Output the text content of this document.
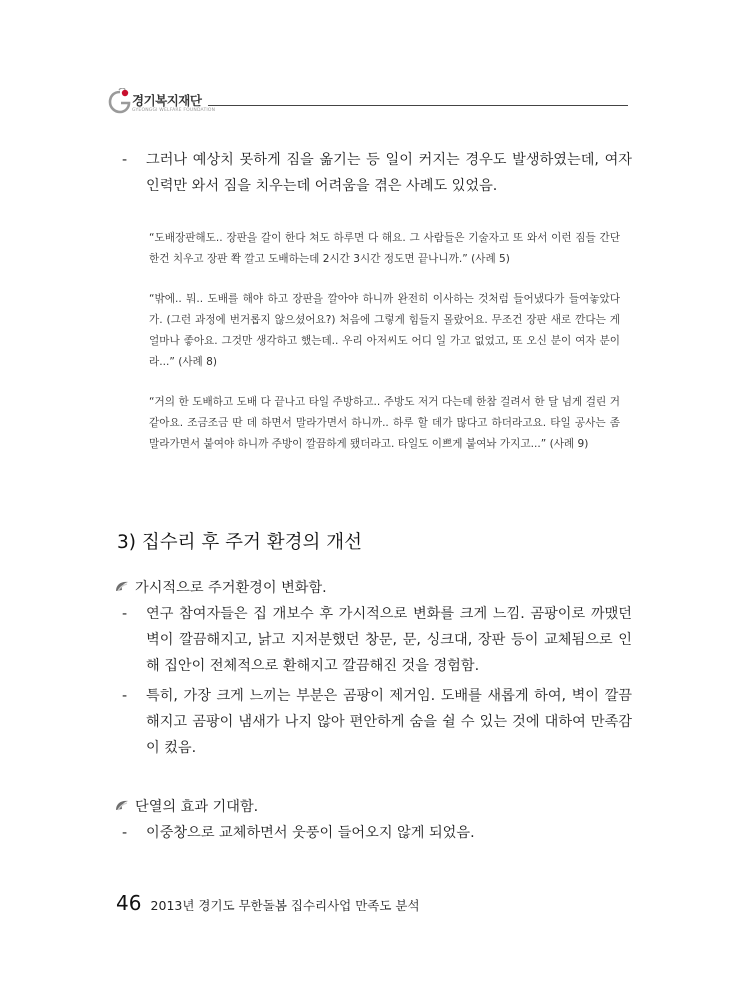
경기복지재단
GYEONGGI WELFARE FOUNDATION
- 그러나 예상치 못하게 짐을 옮기는 등 일이 커지는 경우도 발생하였는데, 여자 인력만 와서 짐을 치우는데 어려움을 겪은 사례도 있었음.

“도배장판해도.. 장판을 갈이 한다 쳐도 하루면 다 해요. 그 사람들은 기술자고 또 와서 이런 짐들 간단한건 치우고 장판 쫙 깔고 도배하는데 2시간 3시간 정도면 끝나니까.” (사례 5)

“밖에.. 뭐.. 도배를 해야 하고 장판을 깔아야 하니까 완전히 이사하는 것처럼 들어냈다가 들여놓았다가. (그런 과정에 번거롭지 않으셨어요?) 처음에 그렇게 힘들지 몰랐어요. 무조건 장판 새로 깐다는 게 얼마나 좋아요. 그것만 생각하고 했는데.. 우리 아저씨도 어디 일 가고 없었고, 또 오신 분이 여자 분이라...” (사례 8)

“거의 한 도배하고 도배 다 끝나고 타일 주방하고.. 주방도 저거 다는데 한참 걸려서 한 달 넘게 걸린 거 같아요. 조금조금 딴 데 하면서 말라가면서 하니까.. 하루 할 데가 많다고 하더라고요. 타일 공사는 좀 말라가면서 붙여야 하니까 주방이 깔끔하게 됐더라고. 타일도 이쁘게 붙여놔 가지고...” (사례 9)

3) 집수리 후 주거 환경의 개선
가시적으로 주거환경이 변화함.
- 연구 참여자들은 집 개보수 후 가시적으로 변화를 크게 느낌. 곰팡이로 까맸던 벽이 깔끔해지고, 낡고 지저분했던 창문, 문, 싱크대, 장판 등이 교체됨으로 인해 집안이 전체적으로 환해지고 깔끔해진 것을 경험함.
- 특히, 가장 크게 느끼는 부분은 곰팡이 제거임. 도배를 새롭게 하여, 벽이 깔끔해지고 곰팡이 냄새가 나지 않아 편안하게 숨을 쉴 수 있는 것에 대하여 만족감이 컸음.
단열의 효과 기대함.
- 이중창으로 교체하면서 웃풍이 들어오지 않게 되었음.
46 2013년 경기도 무한돌봄 집수리사업 만족도 분석
